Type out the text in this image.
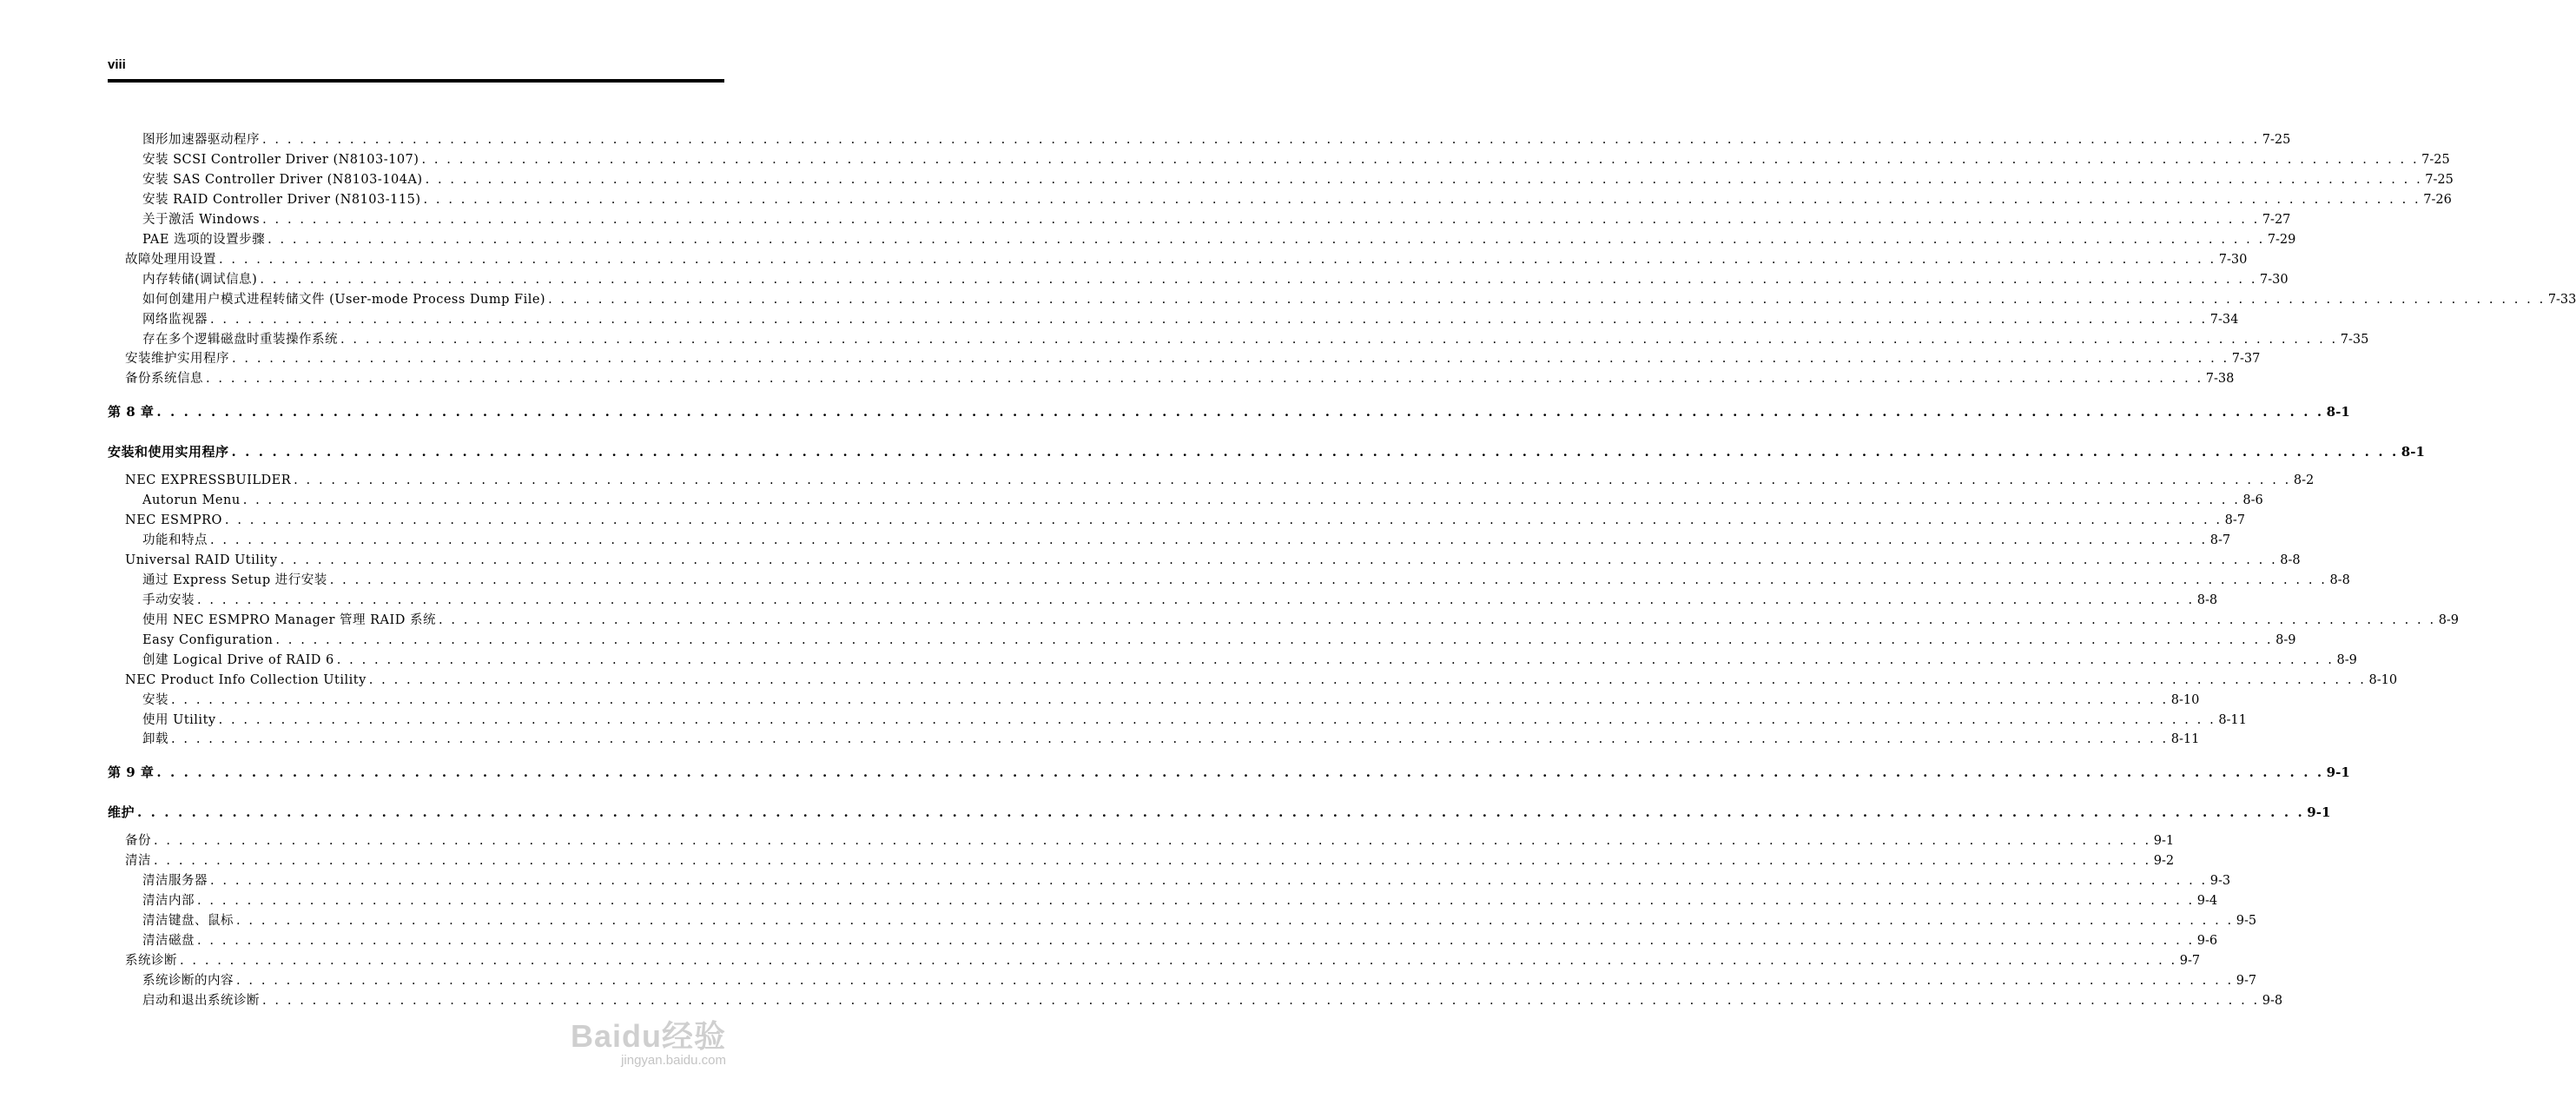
viii
图形加速器驱动程序 . . . . . . . . . . . . . . . . . . . . . . . . . . . . . . . . . . . . . . . . . . . . . . . . . . . . . . . . . . . . . . . . . . . . . . . . . . . . . . . . . . . . . . . . . . . . . . . . . . . . . . . . . . . . . . . . . . . . . . . . . . . . . . . . . . . . . . . . . . . . . . . . . . . . . . . . . . . . . . . . 7-25
安装 SCSI Controller Driver (N8103-107) . . . . . . . . . . . . . . . . . . . . . . . . . . . . . . . . . . . . . . . . . . . . . . . . . . . . . . . . . . . . . . . . . . . . . . . . . . . . . . . . . . . . . . . . . . . . . . . . . . . . . . . . . . . . . . . . . . . . . . . . . . . . . . . . . . . . . . . . . . . . . . . . . . . . . . . . . . . . . . . . 7-25
安装 SAS Controller Driver (N8103-104A) . . . . . . . . . . . . . . . . . . . . . . . . . . . . . . . . . . . . . . . . . . . . . . . . . . . . . . . . . . . . . . . . . . . . . . . . . . . . . . . . . . . . . . . . . . . . . . . . . . . . . . . . . . . . . . . . . . . . . . . . . . . . . . . . . . . . . . . . . . . . . . . . . . . . . . . . . . . . . . . . 7-25
安装 RAID Controller Driver (N8103-115) . . . . . . . . . . . . . . . . . . . . . . . . . . . . . . . . . . . . . . . . . . . . . . . . . . . . . . . . . . . . . . . . . . . . . . . . . . . . . . . . . . . . . . . . . . . . . . . . . . . . . . . . . . . . . . . . . . . . . . . . . . . . . . . . . . . . . . . . . . . . . . . . . . . . . . . . . . . . . . . . 7-26
关于激活 Windows . . . . . . . . . . . . . . . . . . . . . . . . . . . . . . . . . . . . . . . . . . . . . . . . . . . . . . . . . . . . . . . . . . . . . . . . . . . . . . . . . . . . . . . . . . . . . . . . . . . . . . . . . . . . . . . . . . . . . . . . . . . . . . . . . . . . . . . . . . . . . . . . . . . . . . . . . . . . . . . . 7-27
PAE 选项的设置步骤 . . . . . . . . . . . . . . . . . . . . . . . . . . . . . . . . . . . . . . . . . . . . . . . . . . . . . . . . . . . . . . . . . . . . . . . . . . . . . . . . . . . . . . . . . . . . . . . . . . . . . . . . . . . . . . . . . . . . . . . . . . . . . . . . . . . . . . . . . . . . . . . . . . . . . . . . . . . . . . . . 7-29
故障处理用设置 . . . . . . . . . . . . . . . . . . . . . . . . . . . . . . . . . . . . . . . . . . . . . . . . . . . . . . . . . . . . . . . . . . . . . . . . . . . . . . . . . . . . . . . . . . . . . . . . . . . . . . . . . . . . . . . . . . . . . . . . . . . . . . . . . . . . . . . . . . . . . . . . . . . . . . . . . . . . . . . . 7-30
内存转储(调试信息) . . . . . . . . . . . . . . . . . . . . . . . . . . . . . . . . . . . . . . . . . . . . . . . . . . . . . . . . . . . . . . . . . . . . . . . . . . . . . . . . . . . . . . . . . . . . . . . . . . . . . . . . . . . . . . . . . . . . . . . . . . . . . . . . . . . . . . . . . . . . . . . . . . . . . . . . . . . . . . . . 7-30
如何创建用户模式进程转储文件 (User-mode Process Dump File) . . . . . . . . . . . . . . . . . . . . . . . . . . . . . . . . . . . . . . . . . . . . . . . . . . . . . . . . . . . . . . . . . . . . . . . . . . . . . . . . . . . . . . . . . . . . . . . . . . . . . . . . . . . . . . . . . . . . . . . . . . . . . . . . . . . . . . . . . . . . . . . . . . . . . . . . . . . . . . . . 7-33
网络监视器 . . . . . . . . . . . . . . . . . . . . . . . . . . . . . . . . . . . . . . . . . . . . . . . . . . . . . . . . . . . . . . . . . . . . . . . . . . . . . . . . . . . . . . . . . . . . . . . . . . . . . . . . . . . . . . . . . . . . . . . . . . . . . . . . . . . . . . . . . . . . . . . . . . . . . . . . . . . . . . . . 7-34
存在多个逻辑磁盘时重装操作系统 . . . . . . . . . . . . . . . . . . . . . . . . . . . . . . . . . . . . . . . . . . . . . . . . . . . . . . . . . . . . . . . . . . . . . . . . . . . . . . . . . . . . . . . . . . . . . . . . . . . . . . . . . . . . . . . . . . . . . . . . . . . . . . . . . . . . . . . . . . . . . . . . . . . . . . . . . . . . . . . . 7-35
安装维护实用程序 . . . . . . . . . . . . . . . . . . . . . . . . . . . . . . . . . . . . . . . . . . . . . . . . . . . . . . . . . . . . . . . . . . . . . . . . . . . . . . . . . . . . . . . . . . . . . . . . . . . . . . . . . . . . . . . . . . . . . . . . . . . . . . . . . . . . . . . . . . . . . . . . . . . . . . . . . . . . . . . . 7-37
备份系统信息 . . . . . . . . . . . . . . . . . . . . . . . . . . . . . . . . . . . . . . . . . . . . . . . . . . . . . . . . . . . . . . . . . . . . . . . . . . . . . . . . . . . . . . . . . . . . . . . . . . . . . . . . . . . . . . . . . . . . . . . . . . . . . . . . . . . . . . . . . . . . . . . . . . . . . . . . . . . . . . . . 7-38
第 8 章 . . . . . . . . . . . . . . . . . . . . . . . . . . . . . . . . . . . . . . . . . . . . . . . . . . . . . . . . . . . . . . . . . . . . . . . . . . . . . . . . . . . . . . . . . . . . . . . . . . . . . . . . . . . . . . . . . . . . . . . . . . . . . . . . . . . . . . . . . . . . . . . . . . . . . . . . . . . . . . . . 8-1
安装和使用实用程序 . . . . . . . . . . . . . . . . . . . . . . . . . . . . . . . . . . . . . . . . . . . . . . . . . . . . . . . . . . . . . . . . . . . . . . . . . . . . . . . . . . . . . . . . . . . . . . . . . . . . . . . . . . . . . . . . . . . . . . . . . . . . . . . . . . . . . . . . . . . . . . . . . . . . . . . . . . . . . . . . 8-1
NEC EXPRESSBUILDER . . . . . . . . . . . . . . . . . . . . . . . . . . . . . . . . . . . . . . . . . . . . . . . . . . . . . . . . . . . . . . . . . . . . . . . . . . . . . . . . . . . . . . . . . . . . . . . . . . . . . . . . . . . . . . . . . . . . . . . . . . . . . . . . . . . . . . . . . . . . . . . . . . . . . . . . . . . . . . . . 8-2
Autorun Menu . . . . . . . . . . . . . . . . . . . . . . . . . . . . . . . . . . . . . . . . . . . . . . . . . . . . . . . . . . . . . . . . . . . . . . . . . . . . . . . . . . . . . . . . . . . . . . . . . . . . . . . . . . . . . . . . . . . . . . . . . . . . . . . . . . . . . . . . . . . . . . . . . . . . . . . . . . . . . . . . 8-6
NEC ESMPRO . . . . . . . . . . . . . . . . . . . . . . . . . . . . . . . . . . . . . . . . . . . . . . . . . . . . . . . . . . . . . . . . . . . . . . . . . . . . . . . . . . . . . . . . . . . . . . . . . . . . . . . . . . . . . . . . . . . . . . . . . . . . . . . . . . . . . . . . . . . . . . . . . . . . . . . . . . . . . . . . 8-7
功能和特点 . . . . . . . . . . . . . . . . . . . . . . . . . . . . . . . . . . . . . . . . . . . . . . . . . . . . . . . . . . . . . . . . . . . . . . . . . . . . . . . . . . . . . . . . . . . . . . . . . . . . . . . . . . . . . . . . . . . . . . . . . . . . . . . . . . . . . . . . . . . . . . . . . . . . . . . . . . . . . . . . 8-7
Universal RAID Utility . . . . . . . . . . . . . . . . . . . . . . . . . . . . . . . . . . . . . . . . . . . . . . . . . . . . . . . . . . . . . . . . . . . . . . . . . . . . . . . . . . . . . . . . . . . . . . . . . . . . . . . . . . . . . . . . . . . . . . . . . . . . . . . . . . . . . . . . . . . . . . . . . . . . . . . . . . . . . . . . 8-8
通过 Express Setup 进行安装 . . . . . . . . . . . . . . . . . . . . . . . . . . . . . . . . . . . . . . . . . . . . . . . . . . . . . . . . . . . . . . . . . . . . . . . . . . . . . . . . . . . . . . . . . . . . . . . . . . . . . . . . . . . . . . . . . . . . . . . . . . . . . . . . . . . . . . . . . . . . . . . . . . . . . . . . . . . . . . . . 8-8
手动安装 . . . . . . . . . . . . . . . . . . . . . . . . . . . . . . . . . . . . . . . . . . . . . . . . . . . . . . . . . . . . . . . . . . . . . . . . . . . . . . . . . . . . . . . . . . . . . . . . . . . . . . . . . . . . . . . . . . . . . . . . . . . . . . . . . . . . . . . . . . . . . . . . . . . . . . . . . . . . . . . . 8-8
使用 NEC ESMPRO Manager 管理 RAID 系统 . . . . . . . . . . . . . . . . . . . . . . . . . . . . . . . . . . . . . . . . . . . . . . . . . . . . . . . . . . . . . . . . . . . . . . . . . . . . . . . . . . . . . . . . . . . . . . . . . . . . . . . . . . . . . . . . . . . . . . . . . . . . . . . . . . . . . . . . . . . . . . . . . . . . . . . . . . . . . . . . 8-9
Easy Configuration . . . . . . . . . . . . . . . . . . . . . . . . . . . . . . . . . . . . . . . . . . . . . . . . . . . . . . . . . . . . . . . . . . . . . . . . . . . . . . . . . . . . . . . . . . . . . . . . . . . . . . . . . . . . . . . . . . . . . . . . . . . . . . . . . . . . . . . . . . . . . . . . . . . . . . . . . . . . . . . . 8-9
创建 Logical Drive of RAID 6 . . . . . . . . . . . . . . . . . . . . . . . . . . . . . . . . . . . . . . . . . . . . . . . . . . . . . . . . . . . . . . . . . . . . . . . . . . . . . . . . . . . . . . . . . . . . . . . . . . . . . . . . . . . . . . . . . . . . . . . . . . . . . . . . . . . . . . . . . . . . . . . . . . . . . . . . . . . . . . . . 8-9
NEC Product Info Collection Utility . . . . . . . . . . . . . . . . . . . . . . . . . . . . . . . . . . . . . . . . . . . . . . . . . . . . . . . . . . . . . . . . . . . . . . . . . . . . . . . . . . . . . . . . . . . . . . . . . . . . . . . . . . . . . . . . . . . . . . . . . . . . . . . . . . . . . . . . . . . . . . . . . . . . . . . . . . . . . . . . 8-10
安装 . . . . . . . . . . . . . . . . . . . . . . . . . . . . . . . . . . . . . . . . . . . . . . . . . . . . . . . . . . . . . . . . . . . . . . . . . . . . . . . . . . . . . . . . . . . . . . . . . . . . . . . . . . . . . . . . . . . . . . . . . . . . . . . . . . . . . . . . . . . . . . . . . . . . . . . . . . . . . . . . 8-10
使用 Utility . . . . . . . . . . . . . . . . . . . . . . . . . . . . . . . . . . . . . . . . . . . . . . . . . . . . . . . . . . . . . . . . . . . . . . . . . . . . . . . . . . . . . . . . . . . . . . . . . . . . . . . . . . . . . . . . . . . . . . . . . . . . . . . . . . . . . . . . . . . . . . . . . . . . . . . . . . . . . . . . 8-11
卸载 . . . . . . . . . . . . . . . . . . . . . . . . . . . . . . . . . . . . . . . . . . . . . . . . . . . . . . . . . . . . . . . . . . . . . . . . . . . . . . . . . . . . . . . . . . . . . . . . . . . . . . . . . . . . . . . . . . . . . . . . . . . . . . . . . . . . . . . . . . . . . . . . . . . . . . . . . . . . . . . . 8-11
第 9 章 . . . . . . . . . . . . . . . . . . . . . . . . . . . . . . . . . . . . . . . . . . . . . . . . . . . . . . . . . . . . . . . . . . . . . . . . . . . . . . . . . . . . . . . . . . . . . . . . . . . . . . . . . . . . . . . . . . . . . . . . . . . . . . . . . . . . . . . . . . . . . . . . . . . . . . . . . . . . . . . . 9-1
维护 . . . . . . . . . . . . . . . . . . . . . . . . . . . . . . . . . . . . . . . . . . . . . . . . . . . . . . . . . . . . . . . . . . . . . . . . . . . . . . . . . . . . . . . . . . . . . . . . . . . . . . . . . . . . . . . . . . . . . . . . . . . . . . . . . . . . . . . . . . . . . . . . . . . . . . . . . . . . . . . . 9-1
备份 . . . . . . . . . . . . . . . . . . . . . . . . . . . . . . . . . . . . . . . . . . . . . . . . . . . . . . . . . . . . . . . . . . . . . . . . . . . . . . . . . . . . . . . . . . . . . . . . . . . . . . . . . . . . . . . . . . . . . . . . . . . . . . . . . . . . . . . . . . . . . . . . . . . . . . . . . . . . . . . . 9-1
清洁 . . . . . . . . . . . . . . . . . . . . . . . . . . . . . . . . . . . . . . . . . . . . . . . . . . . . . . . . . . . . . . . . . . . . . . . . . . . . . . . . . . . . . . . . . . . . . . . . . . . . . . . . . . . . . . . . . . . . . . . . . . . . . . . . . . . . . . . . . . . . . . . . . . . . . . . . . . . . . . . . 9-2
清洁服务器 . . . . . . . . . . . . . . . . . . . . . . . . . . . . . . . . . . . . . . . . . . . . . . . . . . . . . . . . . . . . . . . . . . . . . . . . . . . . . . . . . . . . . . . . . . . . . . . . . . . . . . . . . . . . . . . . . . . . . . . . . . . . . . . . . . . . . . . . . . . . . . . . . . . . . . . . . . . . . . . . 9-3
清洁内部 . . . . . . . . . . . . . . . . . . . . . . . . . . . . . . . . . . . . . . . . . . . . . . . . . . . . . . . . . . . . . . . . . . . . . . . . . . . . . . . . . . . . . . . . . . . . . . . . . . . . . . . . . . . . . . . . . . . . . . . . . . . . . . . . . . . . . . . . . . . . . . . . . . . . . . . . . . . . . . . . 9-4
清洁键盘、鼠标 . . . . . . . . . . . . . . . . . . . . . . . . . . . . . . . . . . . . . . . . . . . . . . . . . . . . . . . . . . . . . . . . . . . . . . . . . . . . . . . . . . . . . . . . . . . . . . . . . . . . . . . . . . . . . . . . . . . . . . . . . . . . . . . . . . . . . . . . . . . . . . . . . . . . . . . . . . . . . . . . 9-5
清洁磁盘 . . . . . . . . . . . . . . . . . . . . . . . . . . . . . . . . . . . . . . . . . . . . . . . . . . . . . . . . . . . . . . . . . . . . . . . . . . . . . . . . . . . . . . . . . . . . . . . . . . . . . . . . . . . . . . . . . . . . . . . . . . . . . . . . . . . . . . . . . . . . . . . . . . . . . . . . . . . . . . . . 9-6
系统诊断 . . . . . . . . . . . . . . . . . . . . . . . . . . . . . . . . . . . . . . . . . . . . . . . . . . . . . . . . . . . . . . . . . . . . . . . . . . . . . . . . . . . . . . . . . . . . . . . . . . . . . . . . . . . . . . . . . . . . . . . . . . . . . . . . . . . . . . . . . . . . . . . . . . . . . . . . . . . . . . . . 9-7
系统诊断的内容 . . . . . . . . . . . . . . . . . . . . . . . . . . . . . . . . . . . . . . . . . . . . . . . . . . . . . . . . . . . . . . . . . . . . . . . . . . . . . . . . . . . . . . . . . . . . . . . . . . . . . . . . . . . . . . . . . . . . . . . . . . . . . . . . . . . . . . . . . . . . . . . . . . . . . . . . . . . . . . . . 9-7
启动和退出系统诊断 . . . . . . . . . . . . . . . . . . . . . . . . . . . . . . . . . . . . . . . . . . . . . . . . . . . . . . . . . . . . . . . . . . . . . . . . . . . . . . . . . . . . . . . . . . . . . . . . . . . . . . . . . . . . . . . . . . . . . . . . . . . . . . . . . . . . . . . . . . . . . . . . . . . . . . . . . . . . . . . . 9-8
Baidu经验
jingyan.baidu.com
